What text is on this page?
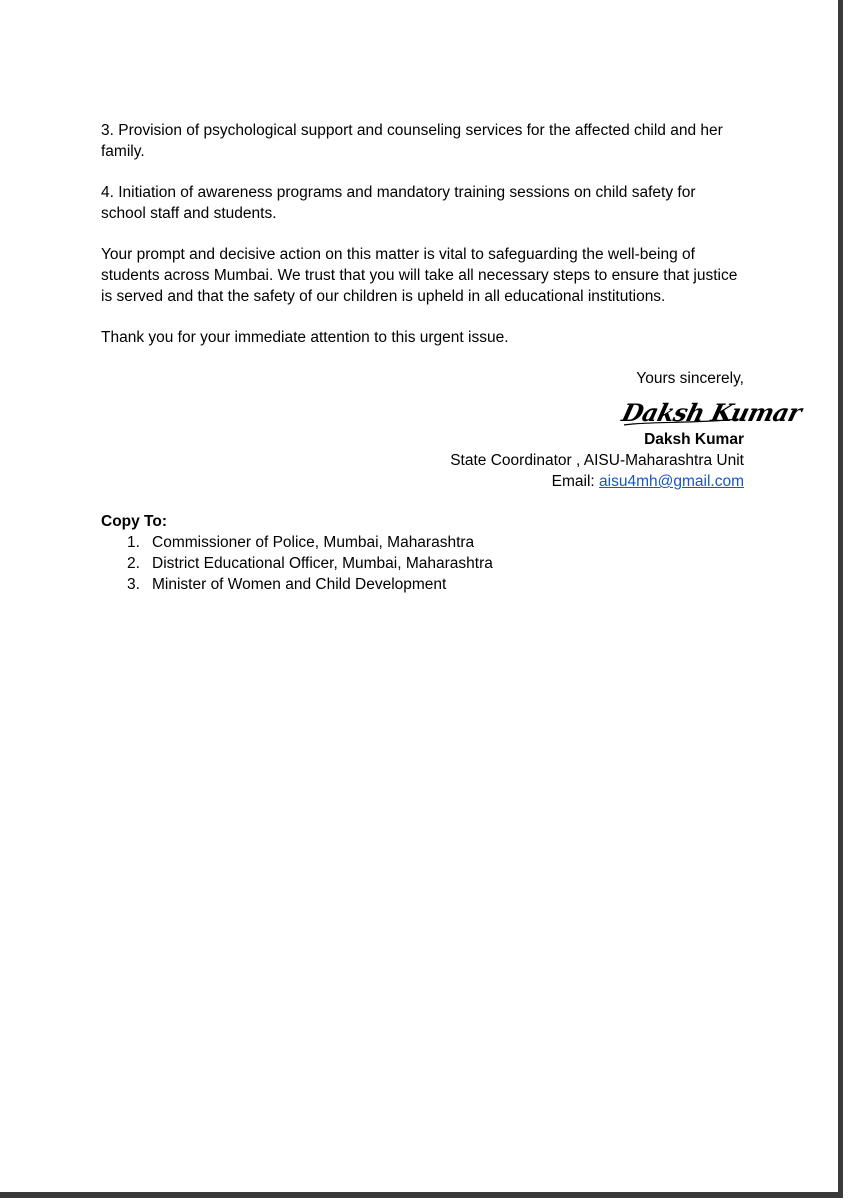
3. Provision of psychological support and counseling services for the affected child and her family.

4. Initiation of awareness programs and mandatory training sessions on child safety for school staff and students.

Your prompt and decisive action on this matter is vital to safeguarding the well-being of students across Mumbai. We trust that you will take all necessary steps to ensure that justice is served and that the safety of our children is upheld in all educational institutions.

Thank you for your immediate attention to this urgent issue.

Yours sincerely,
Daksh Kumar
Daksh Kumar
State Coordinator , AISU-Maharashtra Unit
Email: aisu4mh@gmail.com
Copy To:
1. Commissioner of Police, Mumbai, Maharashtra
2. District Educational Officer, Mumbai, Maharashtra
3. Minister of Women and Child Development
